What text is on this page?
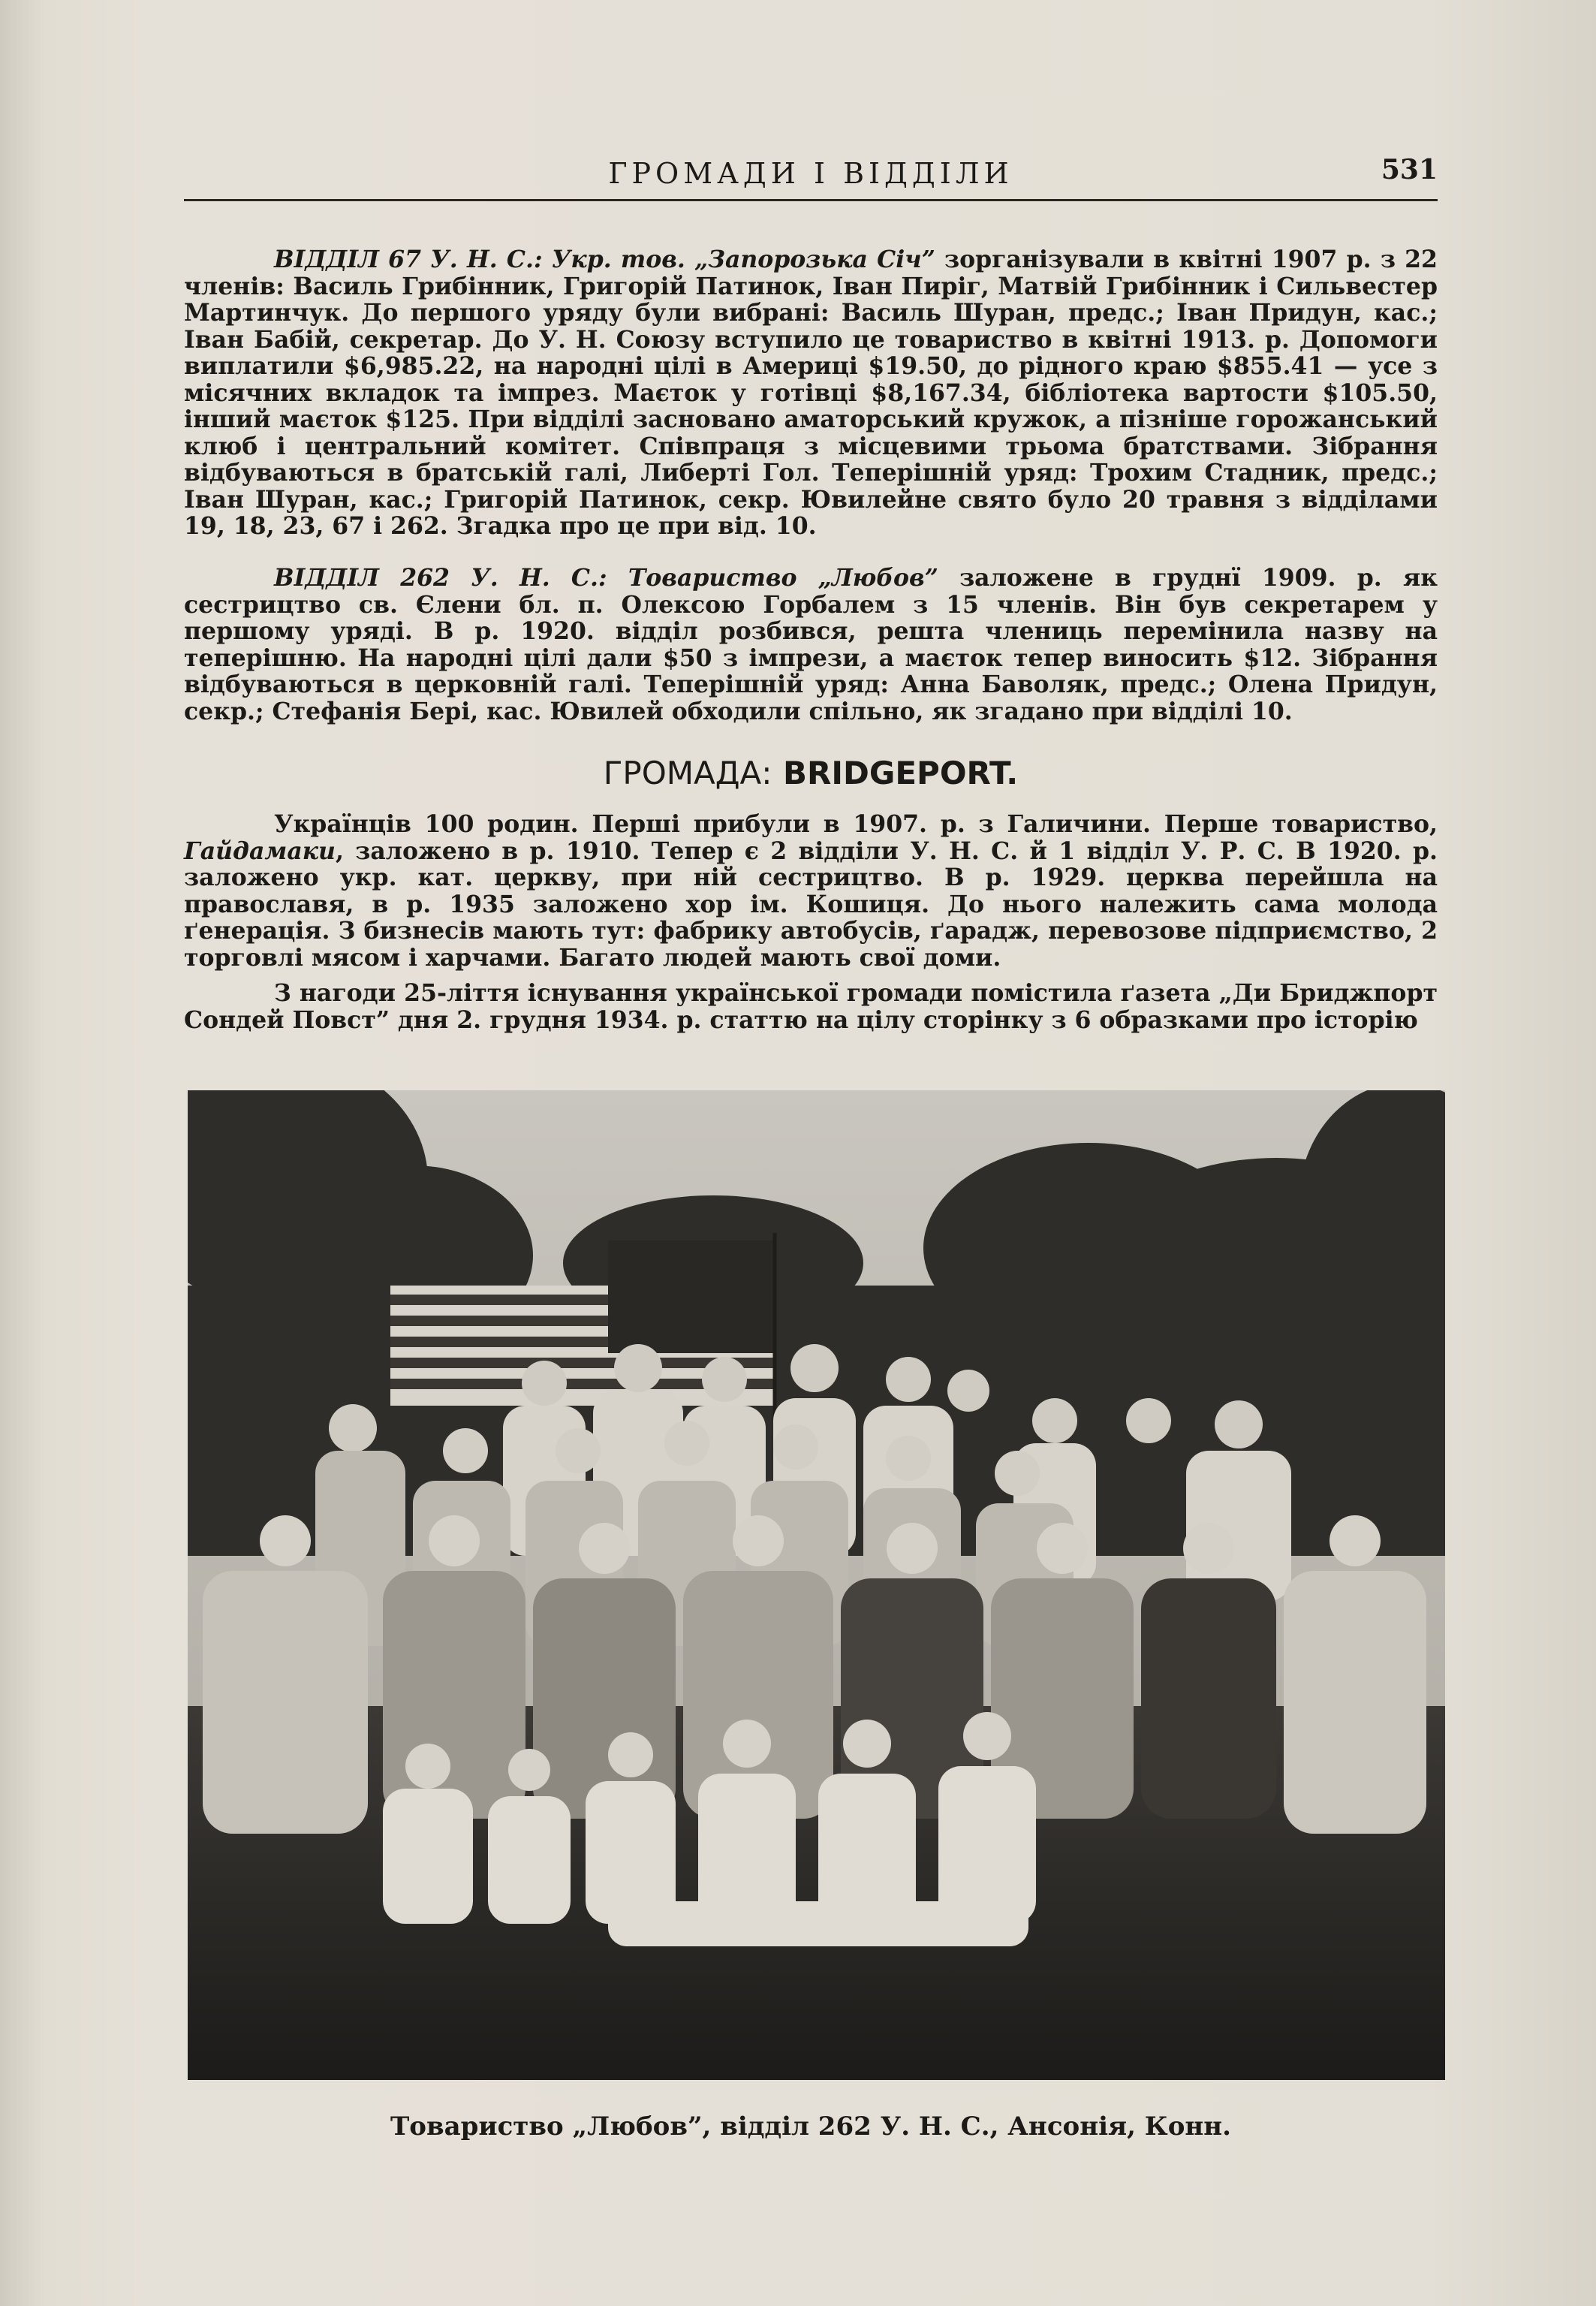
ГРОМАДИ І ВІДДІЛИ	531

ВІДДІЛ 67 У. Н. С.: Укр. тов. „Запорозька Січ” зорганізували в квітні 1907 р. з 22 членів: Василь Грибінник, Григорій Патинок, Іван Пиріг, Матвій Грибінник і Сильвестер Мартинчук. До першого уряду були вибрані: Василь Шуран, предс.; Іван Придун, кас.; Іван Бабій, секретар. До У. Н. Союзу вступило це товариство в квітні 1913. р. Допомоги виплатили $6,985.22, на народні цілі в Америці $19.50, до рідного краю $855.41 — усе з місячних вкладок та імпрез. Маєток у готівці $8,167.34, бібліотека вартости $105.50, інший маєток $125. При відділі засновано аматорський кружок, а пізніше горожанський клюб і центральний комітет. Співпраця з місцевими трьома братствами. Зібрання відбуваються в братській галі, Либерті Гол. Теперішній уряд: Трохим Стадник, предс.; Іван Шуран, кас.; Григорій Патинок, секр. Ювилейне свято було 20 травня з відділами 19, 18, 23, 67 і 262. Згадка про це при від. 10.

ВІДДІЛ 262 У. Н. С.: Товариство „Любов” заложене в груднї 1909. р. як сестрицтво св. Єлени бл. п. Олексою Горбалем з 15 членів. Він був секретарем у першому уряді. В р. 1920. відділ розбився, решта члениць перемінила назву на теперішню. На народні цілі дали $50 з імпрези, а маєток тепер виносить $12. Зібрання відбуваються в церковній галі. Теперішній уряд: Анна Баволяк, предс.; Олена Придун, секр.; Стефанія Бері, кас. Ювилей обходили спільно, як згадано при відділі 10.

ГРОМАДА: BRIDGEPORT.

Українців 100 родин. Перші прибули в 1907. р. з Галичини. Перше товариство, Гайдамаки, заложено в р. 1910. Тепер є 2 відділи У. Н. С. й 1 відділ У. Р. С. В 1920. р. заложено укр. кат. церкву, при ній сестрицтво. В р. 1929. церква перейшла на православя, в р. 1935 заложено хор ім. Кошиця. До нього належить сама молода ґенерація. З бизнесів мають тут: фабрику автобусів, ґарадж, перевозове підприємство, 2 торговлі мясом і харчами. Багато людей мають свої доми.

З нагоди 25-ліття існування української громади помістила ґазета „Ди Бриджпорт Сондей Повст” дня 2. грудня 1934. р. статтю на цілу сторінку з 6 образками про історію

Товариство „Любов”, відділ 262 У. Н. С., Ансонія, Конн.
